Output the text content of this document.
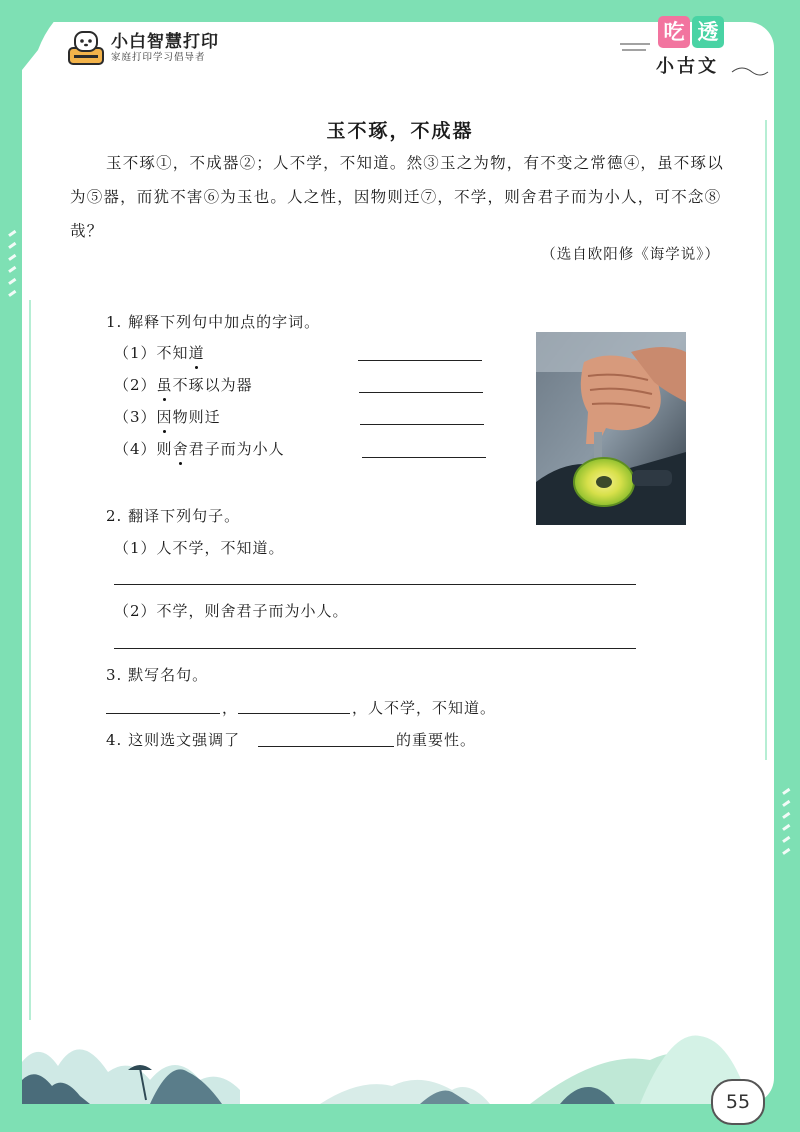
小白智慧打印
家庭打印学习倡导者
吃 透
小古文
玉不琢，不成器
玉不琢①，不成器②；人不学，不知道。然③玉之为物，有不变之常德④，虽不琢以为⑤器，而犹不害⑥为玉也。人之性，因物则迁⑦，不学，则舍君子而为小人，可不念⑧哉？
（选自欧阳修《诲学说》）
1. 解释下列句中加点的字词。
（1）不知道
（2）虽不琢以为器
（3）因物则迁
（4）则舍君子而为小人
2. 翻译下列句子。
（1）人不学，不知道。
（2）不学，则舍君子而为小人。
3. 默写名句。
，	，人不学，不知道。
4. 这则选文强调了	的重要性。
55
